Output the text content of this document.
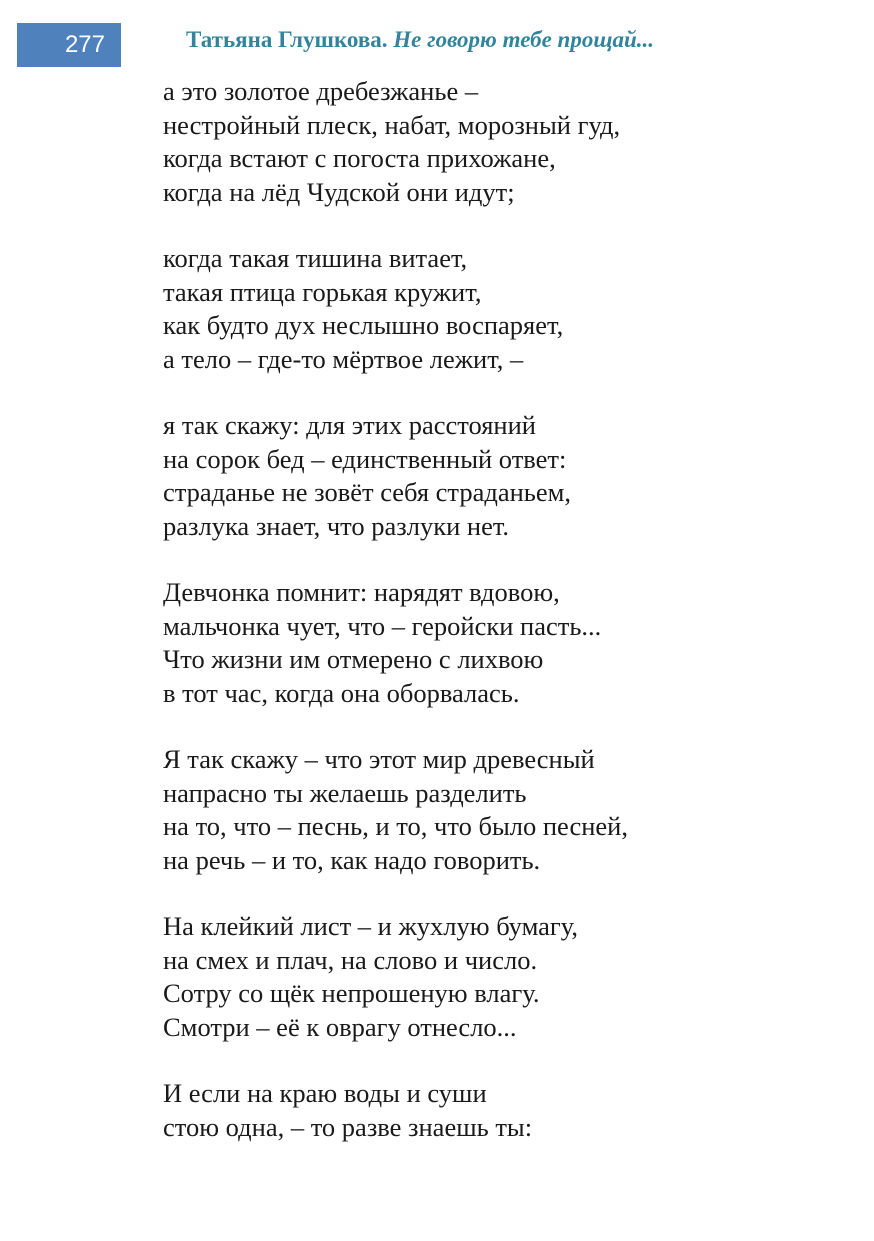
277	Татьяна Глушкова. Не говорю тебе прощай...
а это золотое дребезжанье –
нестройный плеск, набат, морозный гуд,
когда встают с погоста прихожане,
когда на лёд Чудской они идут;
когда такая тишина витает,
такая птица горькая кружит,
как будто дух неслышно воспаряет,
а тело – где-то мёртвое лежит, –
я так скажу: для этих расстояний
на сорок бед – единственный ответ:
страданье не зовёт себя страданьем,
разлука знает, что разлуки нет.
Девчонка помнит: нарядят вдовою,
мальчонка чует, что – геройски пасть...
Что жизни им отмерено с лихвою
в тот час, когда она оборвалась.
Я так скажу – что этот мир древесный
напрасно ты желаешь разделить
на то, что – песнь, и то, что было песней,
на речь – и то, как надо говорить.
На клейкий лист – и жухлую бумагу,
на смех и плач, на слово и число.
Сотру со щёк непрошеную влагу.
Смотри – её к оврагу отнесло...
И если на краю воды и суши
стою одна, – то разве знаешь ты:
